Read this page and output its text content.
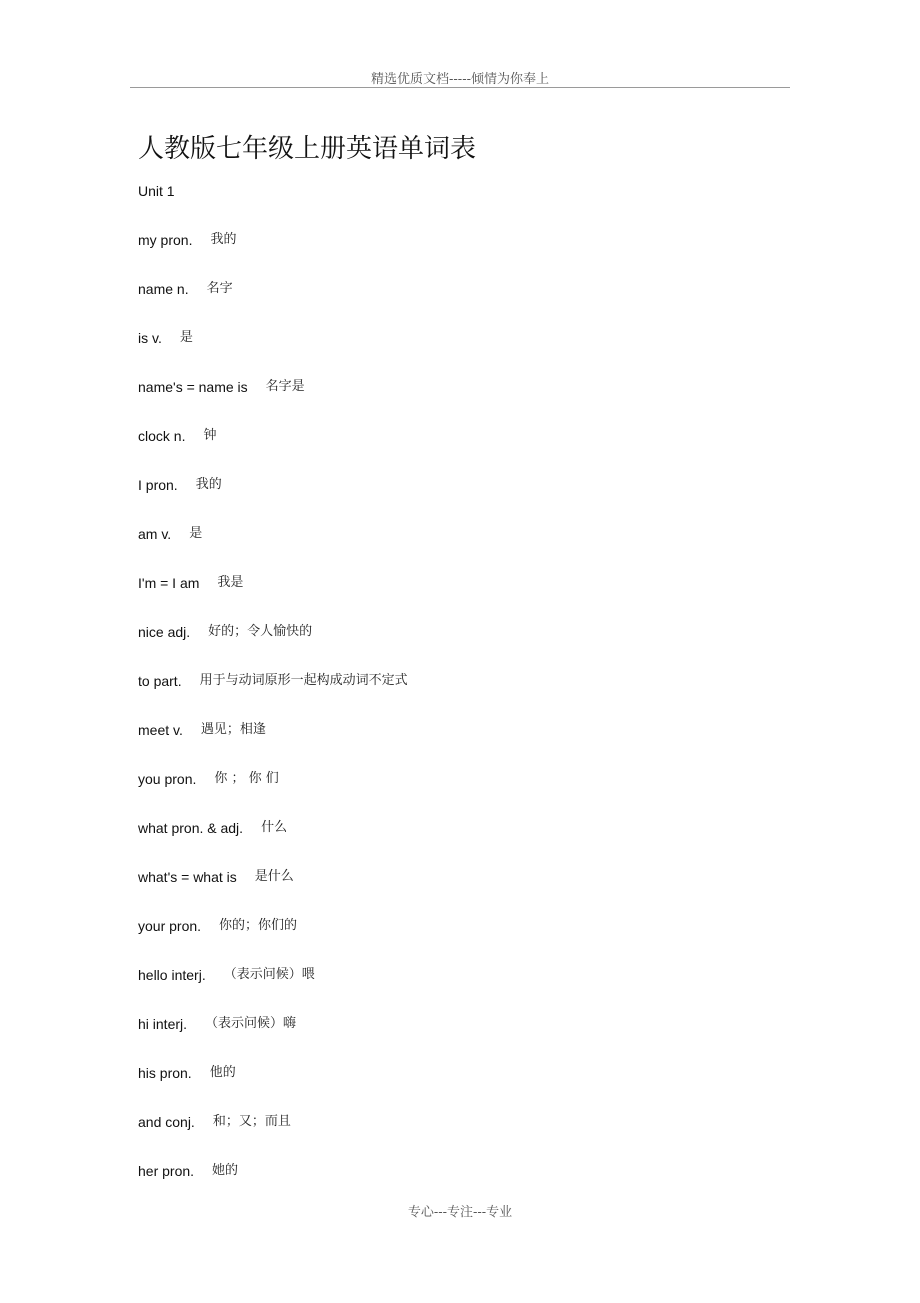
精选优质文档-----倾情为你奉上
人教版七年级上册英语单词表
Unit 1
my pron. 我的
name n. 名字
is v. 是
name's = name is 名字是
clock n. 钟
I pron. 我的
am v. 是
I'm = I am 我是
nice adj. 好的；令人愉快的
to part. 用于与动词原形一起构成动词不定式
meet v. 遇见；相逢
you pron. 你 ； 你 们
what pron. & adj. 什么
what's = what is 是什么
your pron. 你的；你们的
hello interj. （表示问候）喂
hi interj. （表示问候）嗨
his pron. 他的
and conj. 和；又；而且
her pron. 她的
专心---专注---专业
